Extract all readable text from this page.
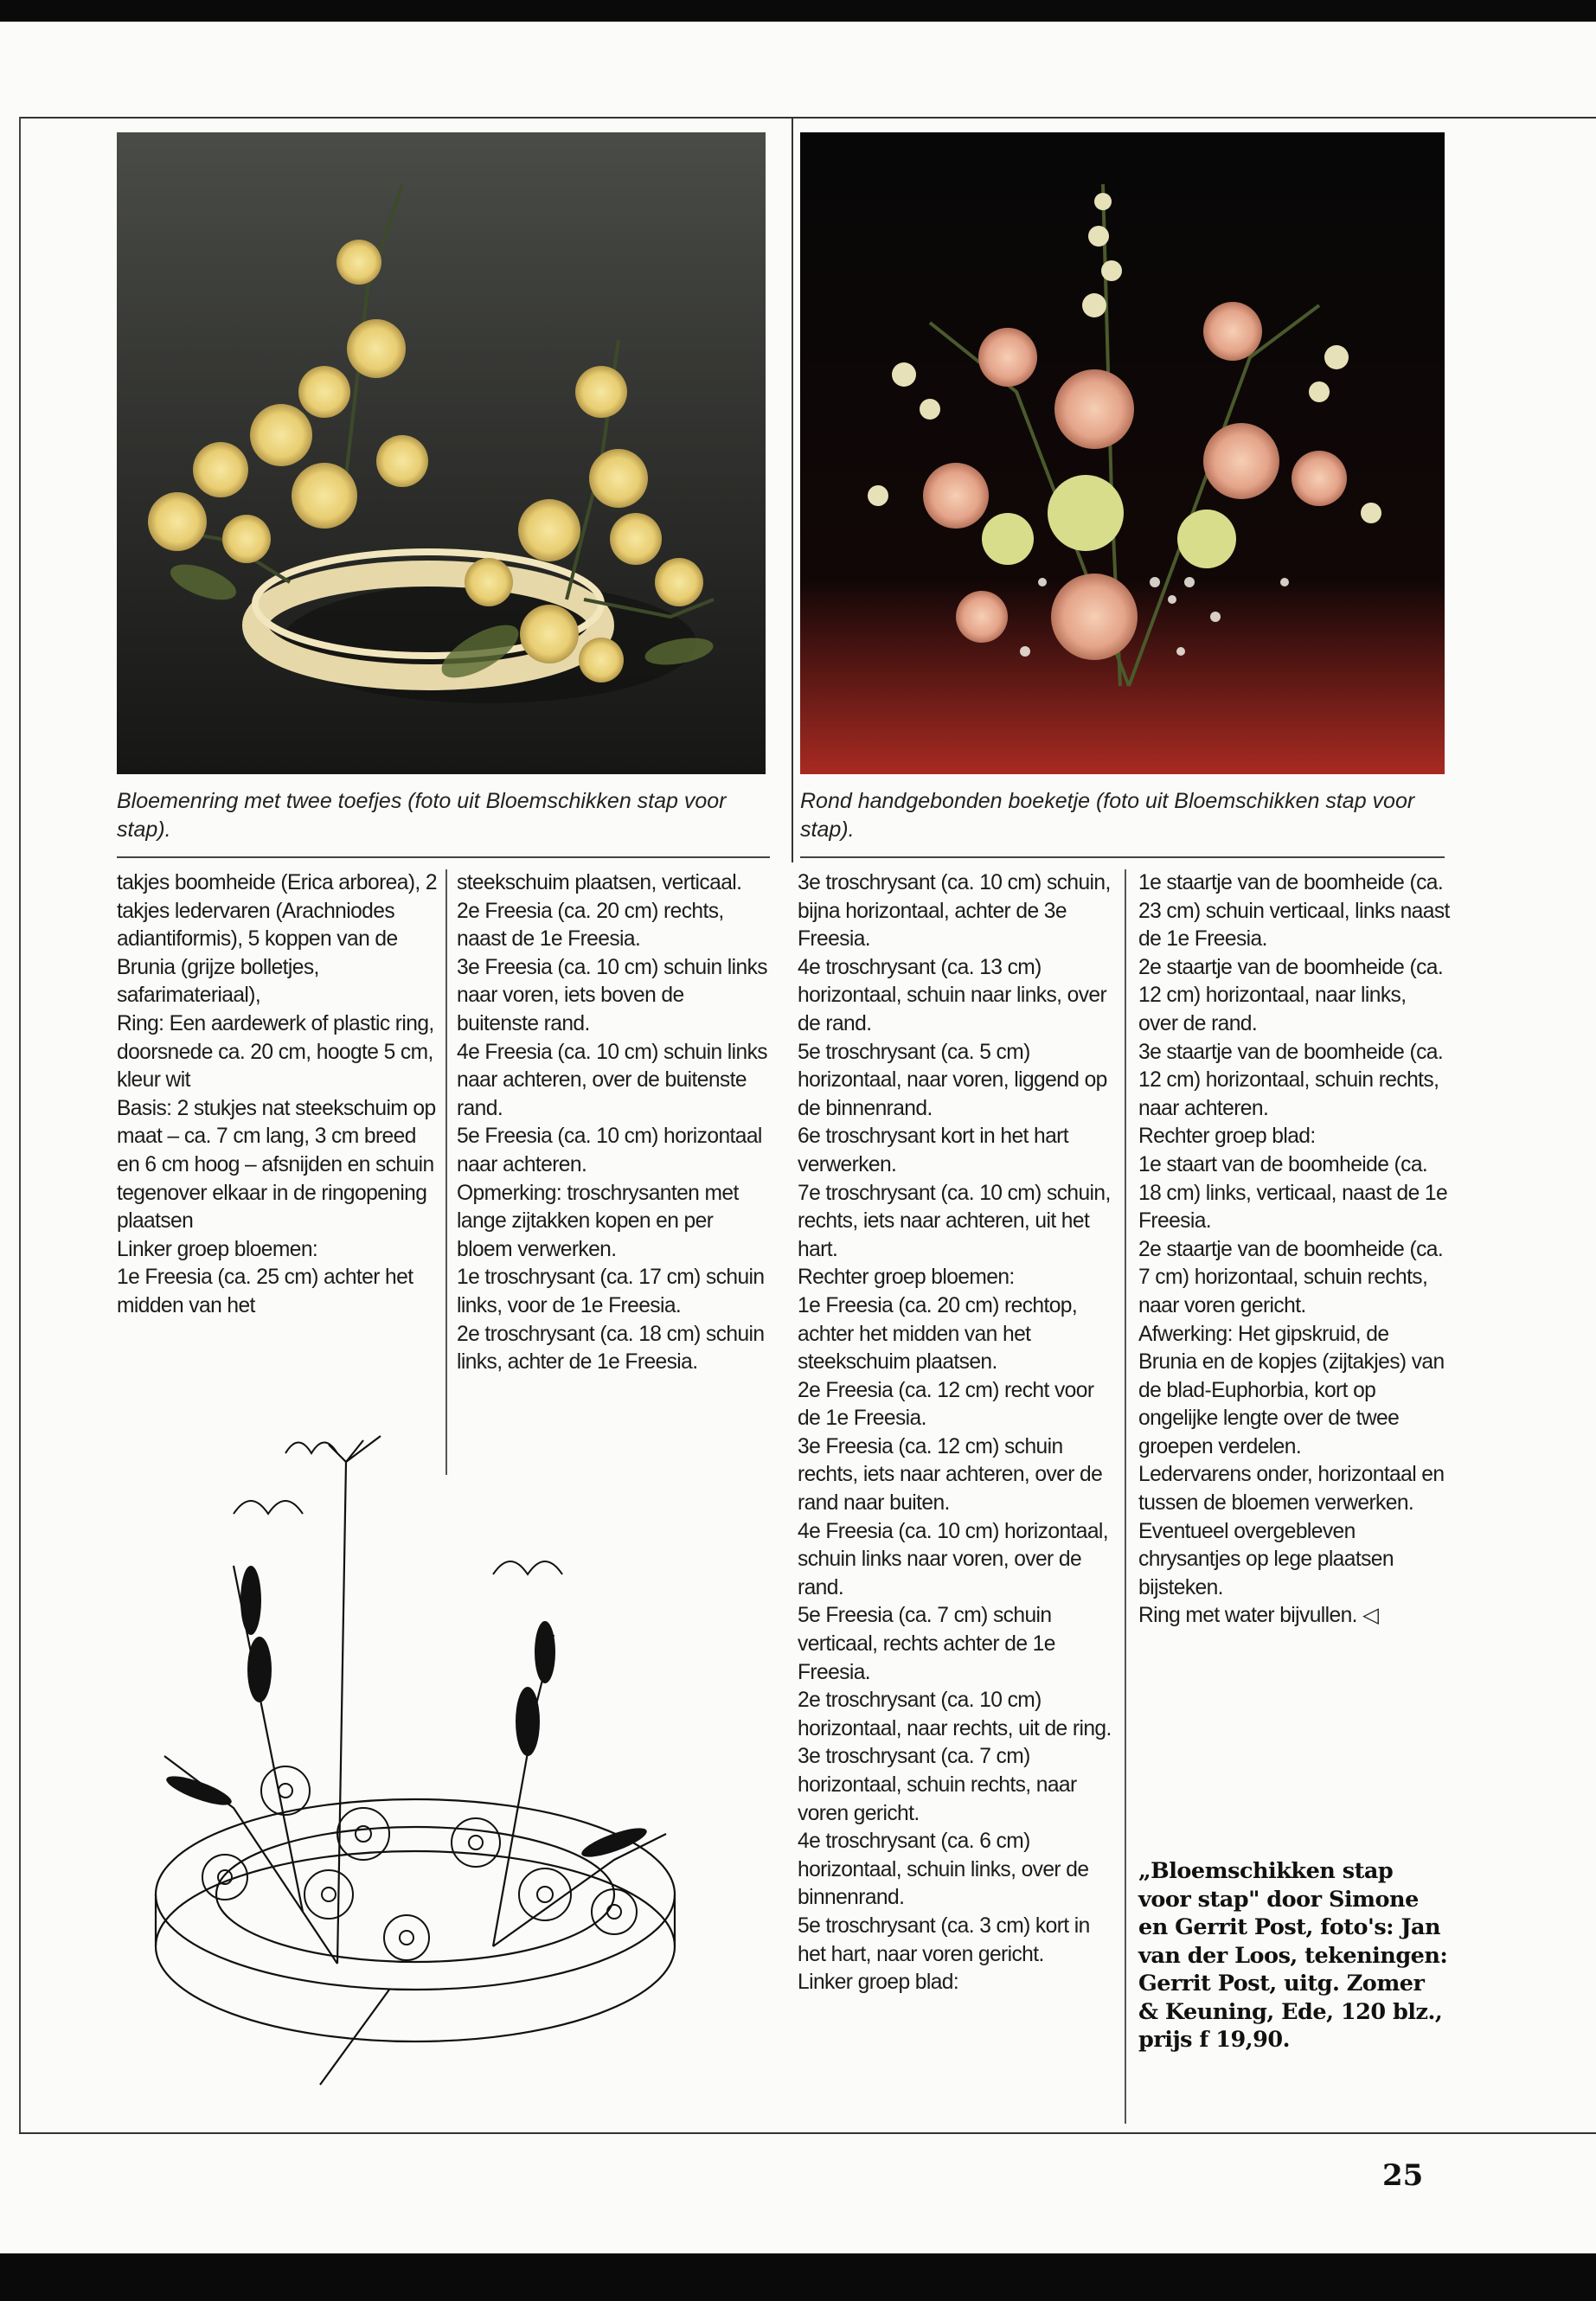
Bloemenring met twee toefjes (foto uit Bloemschikken stap voor stap).
Rond handgebonden boeketje (foto uit Bloemschikken stap voor stap).

takjes boomheide (Erica arborea), 2 takjes ledervaren (Arachniodes adiantiformis), 5 koppen van de Brunia (grijze bolletjes, safarimateriaal),

Ring: Een aardewerk of plastic ring, doorsnede ca. 20 cm, hoogte 5 cm, kleur wit

Basis: 2 stukjes nat steekschuim op maat – ca. 7 cm lang, 3 cm breed en 6 cm hoog – afsnijden en schuin tegenover elkaar in de ringopening plaatsen

Linker groep bloemen:

1e Freesia (ca. 25 cm) achter het midden van het

steekschuim plaatsen, verticaal.

2e Freesia (ca. 20 cm) rechts, naast de 1e Freesia.

3e Freesia (ca. 10 cm) schuin links naar voren, iets boven de buitenste rand.

4e Freesia (ca. 10 cm) schuin links naar achteren, over de buitenste rand.

5e Freesia (ca. 10 cm) horizontaal naar achteren.

Opmerking: troschrysanten met lange zijtakken kopen en per bloem verwerken.

1e troschrysant (ca. 17 cm) schuin links, voor de 1e Freesia.

2e troschrysant (ca. 18 cm) schuin links, achter de 1e Freesia.

3e troschrysant (ca. 10 cm) schuin, bijna horizontaal, achter de 3e Freesia.

4e troschrysant (ca. 13 cm) horizontaal, schuin naar links, over de rand.

5e troschrysant (ca. 5 cm) horizontaal, naar voren, liggend op de binnenrand.

6e troschrysant kort in het hart verwerken.

7e troschrysant (ca. 10 cm) schuin, rechts, iets naar achteren, uit het hart.

Rechter groep bloemen:

1e Freesia (ca. 20 cm) rechtop, achter het midden van het steekschuim plaatsen.

2e Freesia (ca. 12 cm) recht voor de 1e Freesia.

3e Freesia (ca. 12 cm) schuin rechts, iets naar achteren, over de rand naar buiten.

4e Freesia (ca. 10 cm) horizontaal, schuin links naar voren, over de rand.

5e Freesia (ca. 7 cm) schuin verticaal, rechts achter de 1e Freesia.

2e troschrysant (ca. 10 cm) horizontaal, naar rechts, uit de ring.

3e troschrysant (ca. 7 cm) horizontaal, schuin rechts, naar voren gericht.

4e troschrysant (ca. 6 cm) horizontaal, schuin links, over de binnenrand.

5e troschrysant (ca. 3 cm) kort in het hart, naar voren gericht.

Linker groep blad:

1e staartje van de boomheide (ca. 23 cm) schuin verticaal, links naast de 1e Freesia.

2e staartje van de boomheide (ca. 12 cm) horizontaal, naar links, over de rand.

3e staartje van de boomheide (ca. 12 cm) horizontaal, schuin rechts, naar achteren.

Rechter groep blad:

1e staart van de boomheide (ca. 18 cm) links, verticaal, naast de 1e Freesia.

2e staartje van de boomheide (ca. 7 cm) horizontaal, schuin rechts, naar voren gericht.

Afwerking: Het gipskruid, de Brunia en de kopjes (zijtakjes) van de blad-Euphorbia, kort op ongelijke lengte over de twee groepen verdelen.

Ledervarens onder, horizontaal en tussen de bloemen verwerken.

Eventueel overgebleven chrysantjes op lege plaatsen bijsteken.

Ring met water bijvullen. ◁

„Bloemschikken stap voor stap" door Simone en Gerrit Post, foto's: Jan van der Loos, tekeningen: Gerrit Post, uitg. Zomer & Keuning, Ede, 120 blz., prijs f 19,90.
25
